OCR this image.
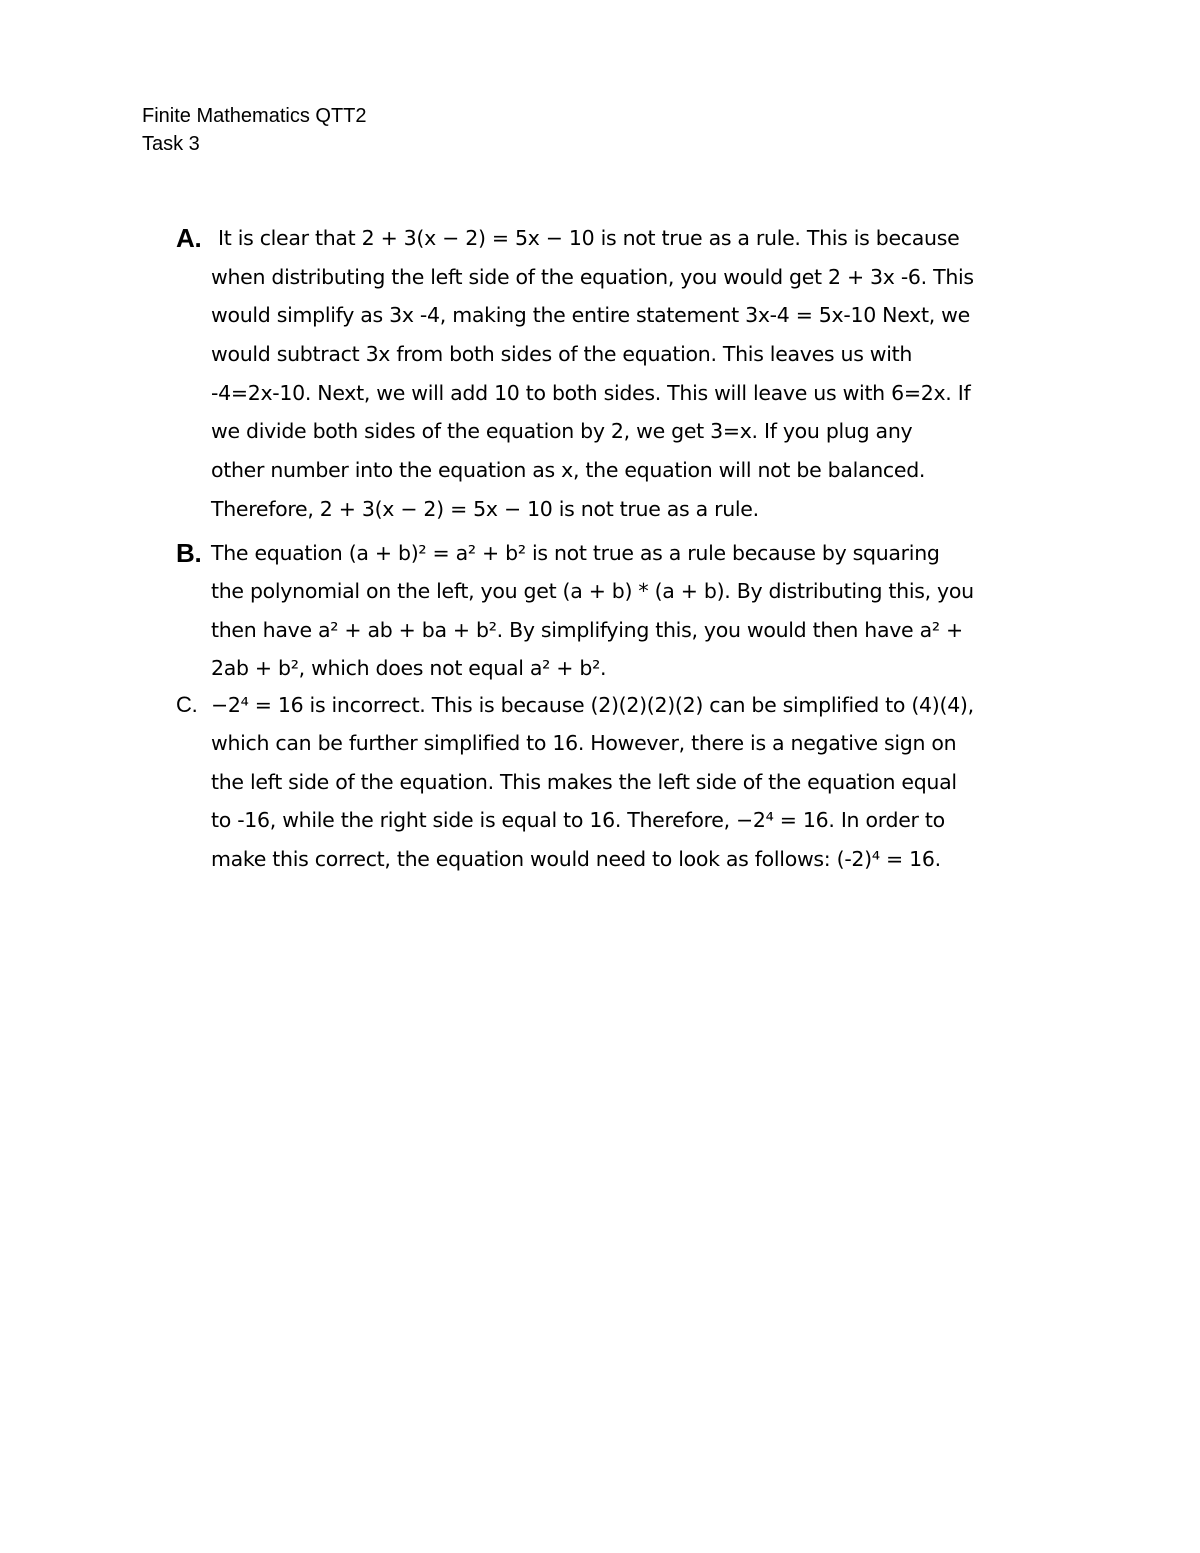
Finite Mathematics QTT2
Task 3
A. It is clear that 2 + 3(x − 2) = 5x − 10 is not true as a rule. This is because
when distributing the left side of the equation, you would get 2 + 3x -6. This
would simplify as 3x -4, making the entire statement 3x-4 = 5x-10 Next, we
would subtract 3x from both sides of the equation. This leaves us with
-4=2x-10. Next, we will add 10 to both sides. This will leave us with 6=2x. If
we divide both sides of the equation by 2, we get 3=x. If you plug any
other number into the equation as x, the equation will not be balanced.
Therefore, 2 + 3(x − 2) = 5x − 10 is not true as a rule.
B. The equation (a + b)² = a² + b² is not true as a rule because by squaring
the polynomial on the left, you get (a + b) * (a + b). By distributing this, you
then have a² + ab + ba + b². By simplifying this, you would then have a² +
2ab + b², which does not equal a² + b².
C. −2⁴ = 16 is incorrect. This is because (2)(2)(2)(2) can be simplified to (4)(4),
which can be further simplified to 16. However, there is a negative sign on
the left side of the equation. This makes the left side of the equation equal
to -16, while the right side is equal to 16. Therefore, −2⁴ = 16. In order to
make this correct, the equation would need to look as follows: (-2)⁴ = 16.
